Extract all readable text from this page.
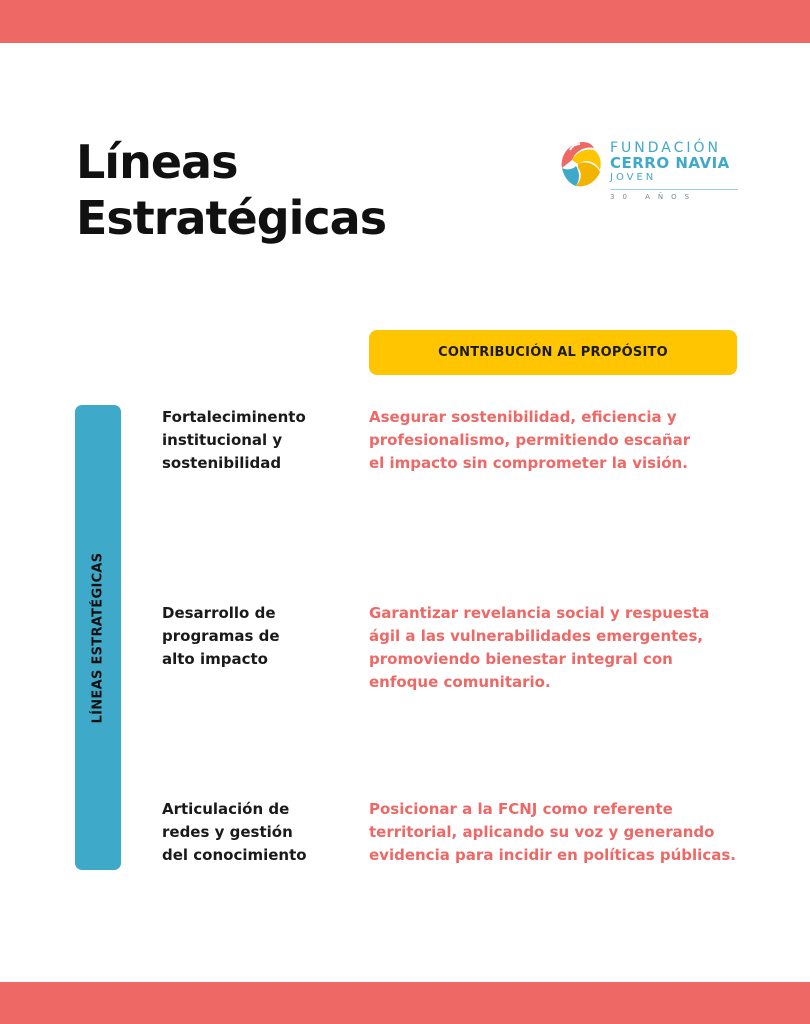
Líneas
Estratégicas
FUNDACIÓN
CERRO NAVIA
JOVEN
30 AÑOS
CONTRIBUCIÓN AL PROPÓSITO
LÍNEAS ESTRATÉGICAS

Fortaleciminento
institucional y
sostenibilidad

Asegurar sostenibilidad, eficiencia y
profesionalismo, permitiendo escañar
el impacto sin comprometer la visión.

Desarrollo de
programas de
alto impacto

Garantizar revelancia social y respuesta
ágil a las vulnerabilidades emergentes,
promoviendo bienestar integral con
enfoque comunitario.

Articulación de
redes y gestión
del conocimiento

Posicionar a la FCNJ como referente
territorial, aplicando su voz y generando
evidencia para incidir en políticas públicas.
